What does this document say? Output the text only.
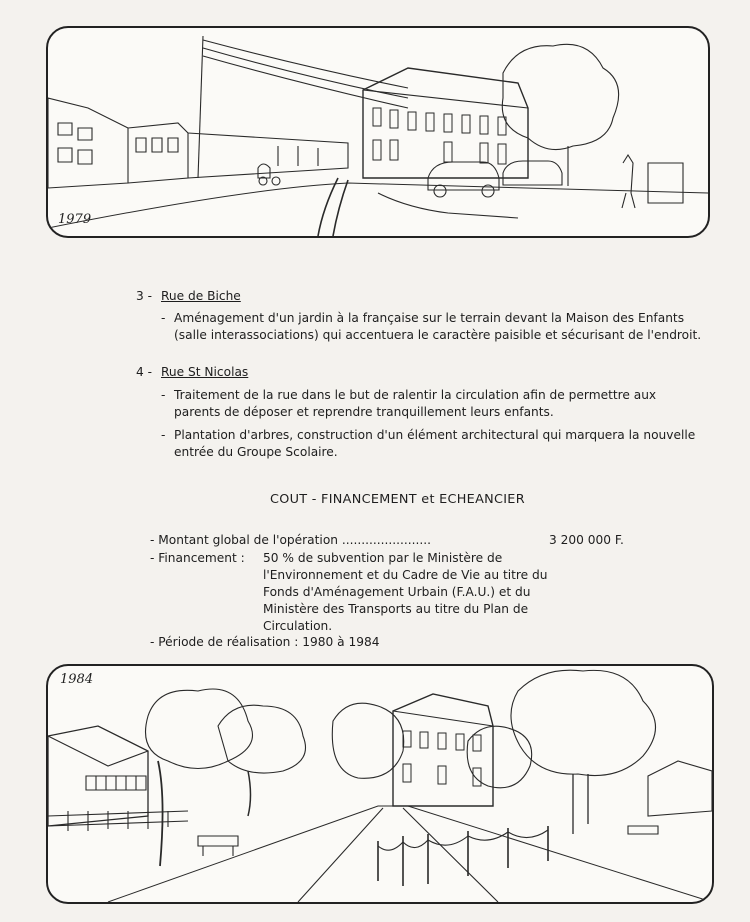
1979
3 - Rue de Biche
- Aménagement d'un jardin à la française sur le terrain devant la Maison des Enfants (salle interassociations) qui accentuera le caractère paisible et sécurisant de l'endroit.
4 - Rue St Nicolas
- Traitement de la rue dans le but de ralentir la circulation afin de permettre aux parents de déposer et reprendre tranquillement leurs enfants.
- Plantation d'arbres, construction d'un élément architectural qui marquera la nouvelle entrée du Groupe Scolaire.
COUT - FINANCEMENT et ECHEANCIER
- Montant global de l'opération .......................	3 200 000 F.
- Financement : 50 % de subvention par le Ministère de l'Environnement et du Cadre de Vie au titre du Fonds d'Aménagement Urbain (F.A.U.) et du Ministère des Transports au titre du Plan de Circulation.
- Période de réalisation : 1980 à 1984
1984
